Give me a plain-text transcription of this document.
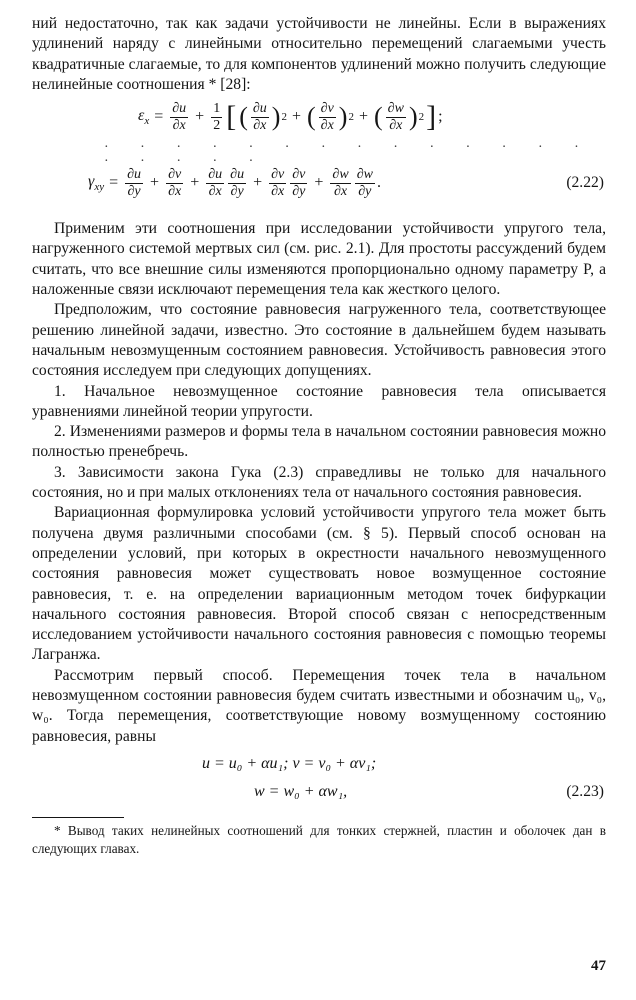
ний недостаточно, так как задачи устойчивости не линейны. Если в выражениях удлинений наряду с линейными относительно перемещений слагаемыми учесть квадратичные слагаемые, то для компонентов удлинений можно получить следующие нелинейные соотношения * [28]:

$\varepsilon_x = \frac{\partial u}{\partial x} + \frac{1}{2}$ [ ( $\frac{\partial u}{\partial x}$ ) 2 + ( $\frac{\partial v}{\partial x}$ ) 2 + ( $\frac{\partial w}{\partial x}$ ) 2 ] ;
· · · · · · · · · · · · · · · · · · ·
$\gamma_{xy} = \frac{\partial u}{\partial y} + \frac{\partial v}{\partial x} + \frac{\partial u}{\partial x} \frac{\partial u}{\partial y} + \frac{\partial v}{\partial x} \frac{\partial v}{\partial y} + \frac{\partial w}{\partial x} \frac{\partial w}{\partial y}$ .	(2.22)

Применим эти соотношения при исследовании устойчивости упругого тела, нагруженного системой мертвых сил (см. рис. 2.1). Для простоты рассуждений будем считать, что все внешние силы изменяются пропорционально одному параметру P, а наложенные связи исключают перемещения тела как жесткого целого.

Предположим, что состояние равновесия нагруженного тела, соответствующее решению линейной задачи, известно. Это состояние в дальнейшем будем называть начальным невозмущенным состоянием равновесия. Устойчивость равновесия этого состояния исследуем при следующих допущениях.

1. Начальное невозмущенное состояние равновесия тела описывается уравнениями линейной теории упругости.

2. Изменениями размеров и формы тела в начальном состоянии равновесия можно полностью пренебречь.

3. Зависимости закона Гука (2.3) справедливы не только для начального состояния, но и при малых отклонениях тела от начального состояния равновесия.

Вариационная формулировка условий устойчивости упругого тела может быть получена двумя различными способами (см. § 5). Первый способ основан на определении условий, при которых в окрестности начального невозмущенного состояния равновесия может существовать новое возмущенное состояние равновесия, т. е. на определении вариационным методом точек бифуркации начального состояния равновесия. Второй способ связан с непосредственным исследованием устойчивости начального состояния равновесия с помощью теоремы Лагранжа.

Рассмотрим первый способ. Перемещения точек тела в начальном невозмущенном состоянии равновесия будем считать известными и обозначим u₀, v₀, w₀. Тогда перемещения, соответствующие новому возмущенному состоянию равновесия, равны

u = u₀ + αu₁; v = v₀ + αv₁;
w = w₀ + αw₁,	(2.23)

* Вывод таких нелинейных соотношений для тонких стержней, пластин и оболочек дан в следующих главах.

47
